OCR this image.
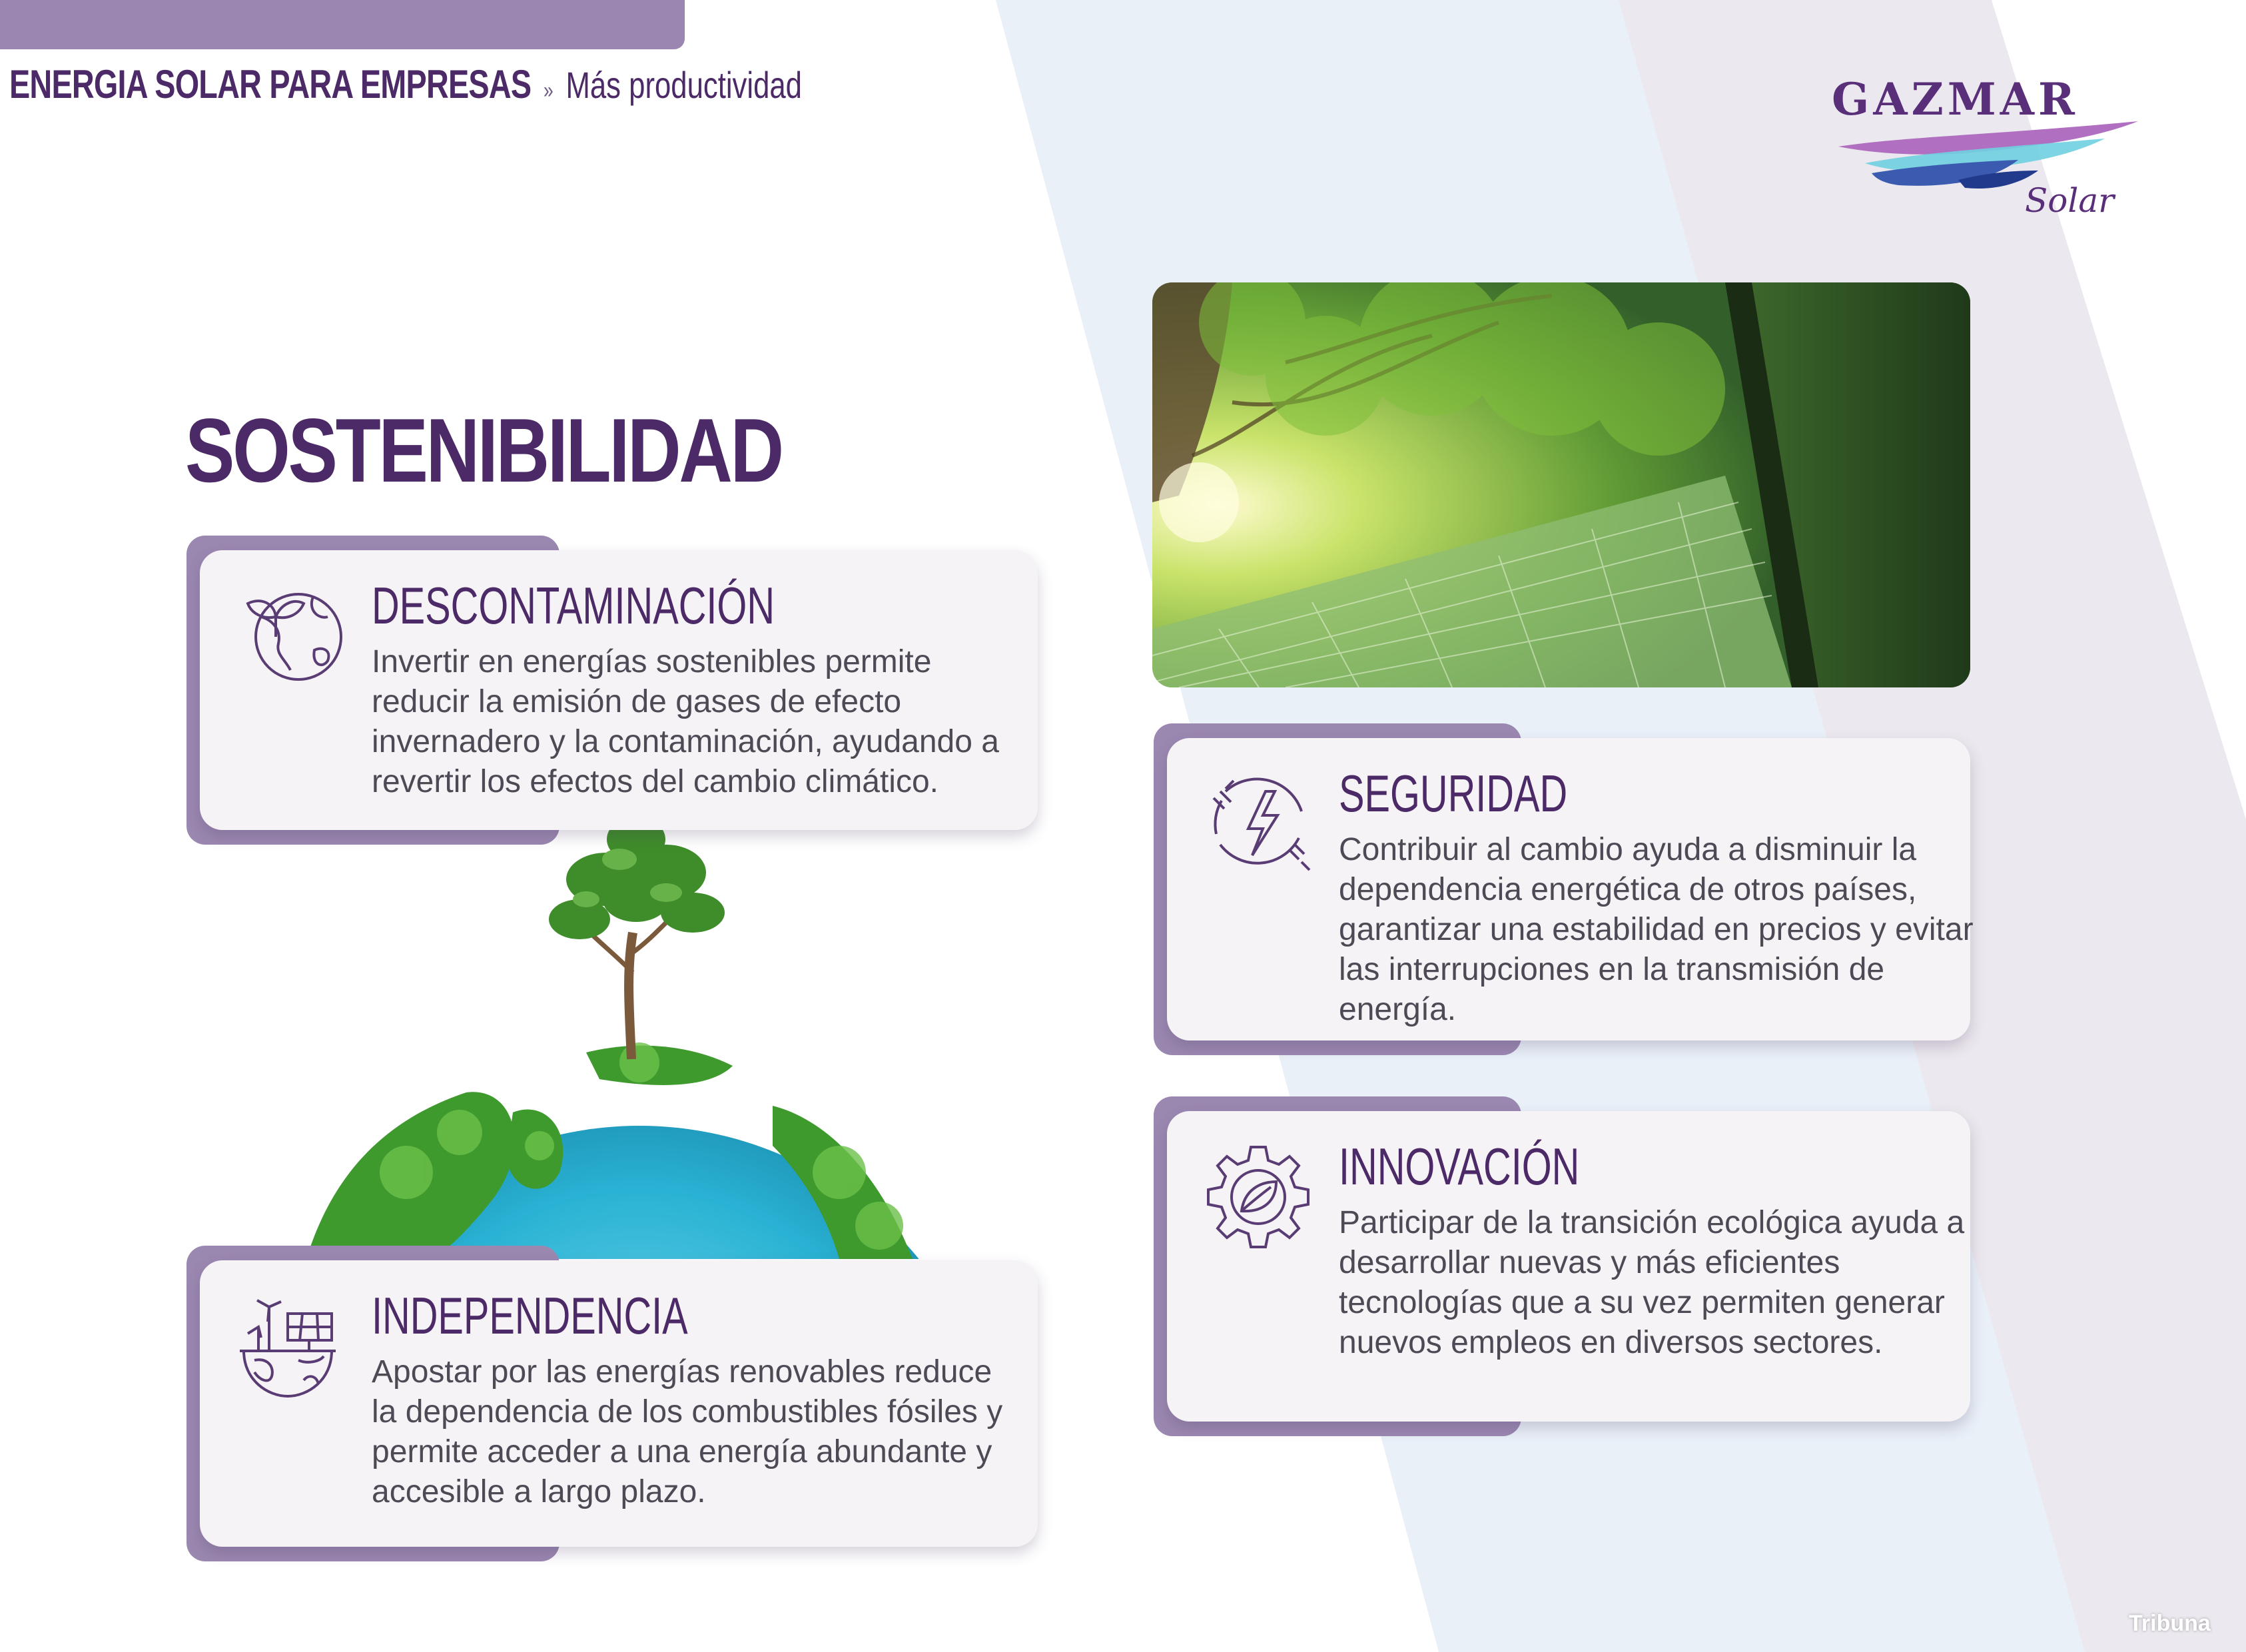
ENERGIA SOLAR PARA EMPRESAS » Más productividad	GAZMAR
Solar
SOSTENIBILIDAD
DESCONTAMINACIÓN
Invertir en energías sostenibles permite reducir la emisión de gases de efecto invernadero y la contaminación, ayudando a revertir los efectos del cambio climático.
INDEPENDENCIA
Apostar por las energías renovables reduce la dependencia de los combustibles fósiles y permite acceder a una energía abundante y accesible a largo plazo.
SEGURIDAD
Contribuir al cambio ayuda a disminuir la dependencia energética de otros países, garantizar una estabilidad en precios y evitar las interrupciones en la transmisión de energía.
INNOVACIÓN
Participar de la transición ecológica ayuda a desarrollar nuevas y más eficientes tecnologías que a su vez permiten generar nuevos empleos en diversos sectores.
Tribuna
